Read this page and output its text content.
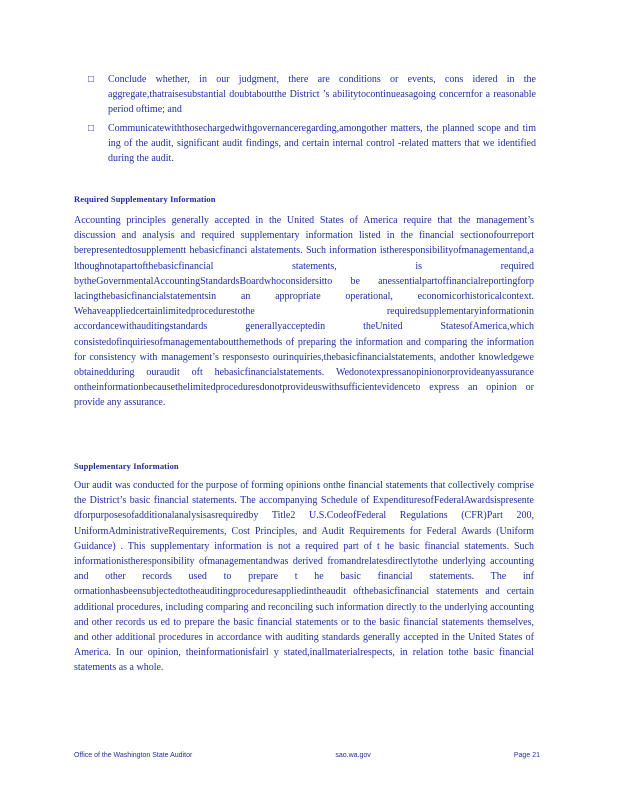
□	Conclude whether, in our judgment, there are conditions or events, cons idered in the aggregate,thatraisesubstantial doubtaboutthe District ’s abilitytocontinueasagoing concernfor a reasonable period oftime; and
□	Communicatewiththosechargedwithgovernanceregarding,amongother matters, the planned scope and tim ing of the audit, significant audit findings, and certain internal control -related matters that we identified during the audit.
Required Supplementary Information

Accounting principles generally accepted in the United States of America require that the management’s discussion and analysis and required supplementary information listed in the financial sectionofourreport berepresentedtosupplementt hebasicfinanci alstatements. Such information istheresponsibilityofmanagementand,a lthoughnotapartofthebasicfinancial statements, is required bytheGovernmentalAccountingStandardsBoardwhoconsidersitto be anessentialpartoffinancialreportingforp lacingthebasicfinancialstatementsin an appropriate operational, economicorhistoricalcontext. Wehaveappliedcertainlimitedprocedurestothe requiredsupplementaryinformationin accordancewithauditingstandards generallyacceptedin theUnited StatesofAmerica,which consistedofinquiriesofmanagementaboutthemethods of preparing the information and comparing the information for consistency with management’s responsesto ourinquiries,thebasicfinancialstatements, andother knowledgewe obtainedduring ouraudit oft hebasicfinancialstatements. Wedonotexpressanopinionorprovideanyassurance ontheinformationbecausethelimitedproceduresdonotprovideuswithsufficientevidenceto express an opinion or provide any assurance.

Supplementary Information

Our audit was conducted for the purpose of forming opinions onthe financial statements that collectively comprise the District’s basic financial statements. The accompanying Schedule of ExpendituresofFederalAwardsispresente dforpurposesofadditionalanalysisasrequiredby Title2 U.S.CodeofFederal Regulations (CFR)Part 200, UniformAdministrativeRequirements, Cost Principles, and Audit Requirements for Federal Awards (Uniform Guidance) . This supplementary information is not a required part of t he basic financial statements. Such informationistheresponsibility ofmanagementandwas derived fromandrelatesdirectlytothe underlying accounting and other records used to prepare t he basic financial statements. The inf ormationhasbeensubjectedtotheauditingproceduresappliedintheaudit ofthebasicfinancial statements and certain additional procedures, including comparing and reconciling such information directly to the underlying accounting and other records us ed to prepare the basic financial statements or to the basic financial statements themselves, and other additional procedures in accordance with auditing standards generally accepted in the United States of America. In our opinion, theinformationisfairl y stated,inallmaterialrespects, in relation tothe basic financial statements as a whole.

Office of the Washington State Auditor	sao.wa.gov	Page 21
